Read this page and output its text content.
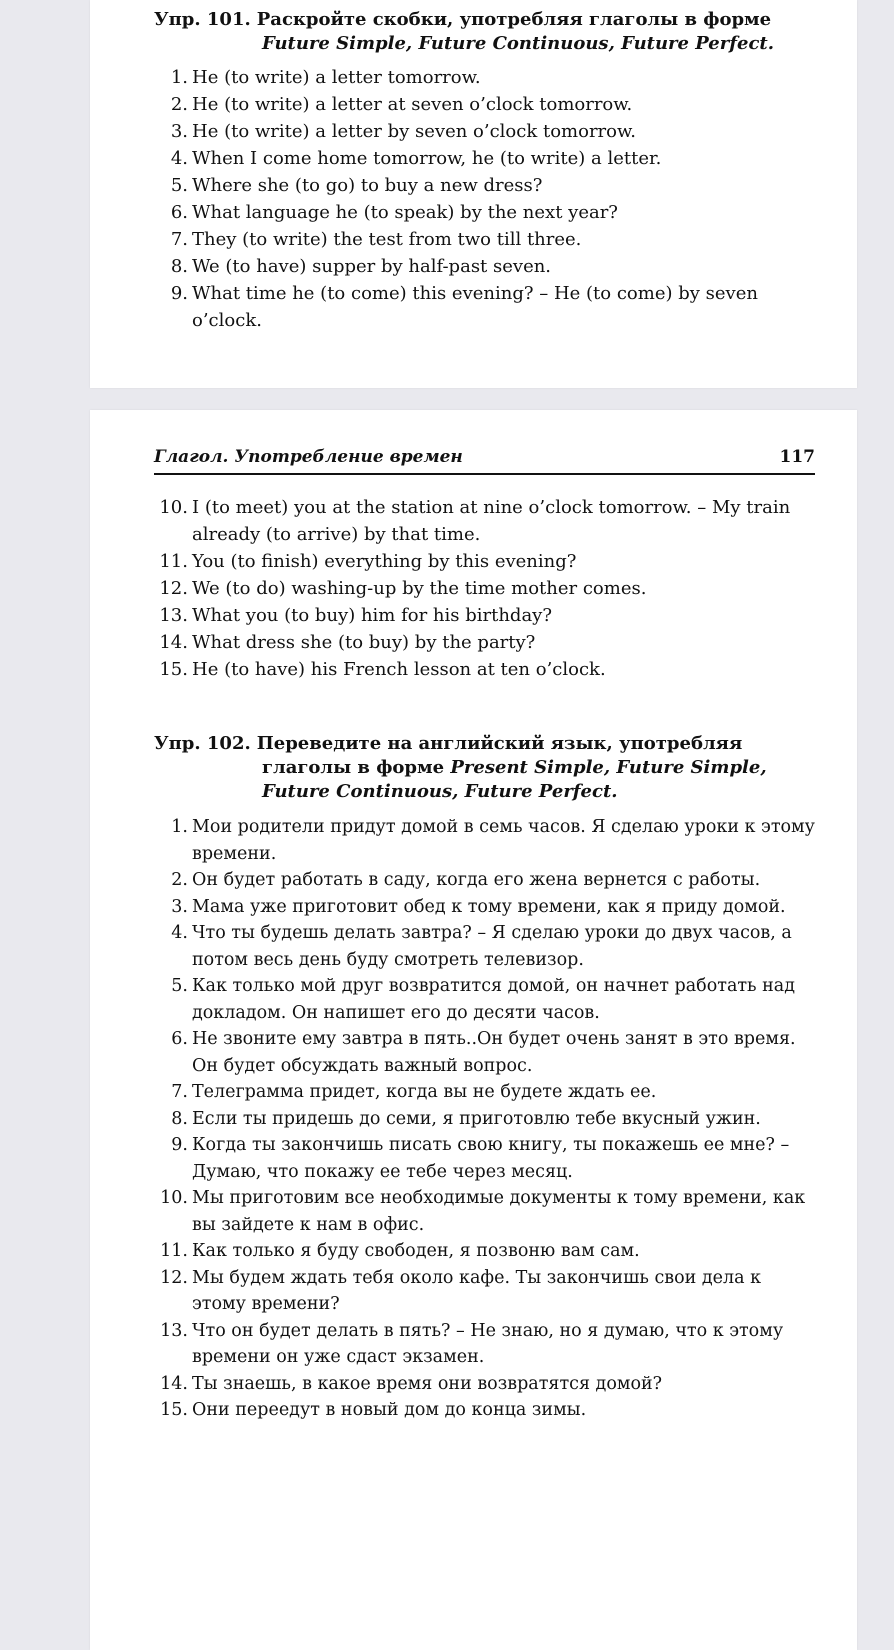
Упр. 101. Раскройте скобки, употребляя глаголы в форме
Future Simple, Future Continuous, Future Perfect.
1. He (to write) a letter tomorrow.
2. He (to write) a letter at seven o’clock tomorrow.
3. He (to write) a letter by seven o’clock tomorrow.
4. When I come home tomorrow, he (to write) a letter.
5. Where she (to go) to buy a new dress?
6. What language he (to speak) by the next year?
7. They (to write) the test from two till three.
8. We (to have) supper by half-past seven.
9. What time he (to come) this evening? – He (to come) by seven o’clock.
Глагол. Употребление времен	117
10. I (to meet) you at the station at nine o’clock tomorrow. – My train already (to arrive) by that time.
11. You (to finish) everything by this evening?
12. We (to do) washing-up by the time mother comes.
13. What you (to buy) him for his birthday?
14. What dress she (to buy) by the party?
15. He (to have) his French lesson at ten o’clock.
Упр. 102. Переведите на английский язык, употребляя
глаголы в форме Present Simple, Future Simple,
Future Continuous, Future Perfect.
1. Мои родители придут домой в семь часов. Я сделаю уроки к этому времени.
2. Он будет работать в саду, когда его жена вернется с работы.
3. Мама уже приготовит обед к тому времени, как я приду домой.
4. Что ты будешь делать завтра? – Я сделаю уроки до двух часов, а потом весь день буду смотреть телевизор.
5. Как только мой друг возвратится домой, он начнет работать над докладом. Он напишет его до десяти часов.
6. Не звоните ему завтра в пять..Он будет очень занят в это время. Он будет обсуждать важный вопрос.
7. Телеграмма придет, когда вы не будете ждать ее.
8. Если ты придешь до семи, я приготовлю тебе вкусный ужин.
9. Когда ты закончишь писать свою книгу, ты покажешь ее мне? – Думаю, что покажу ее тебе через месяц.
10. Мы приготовим все необходимые документы к тому времени, как вы зайдете к нам в офис.
11. Как только я буду свободен, я позвоню вам сам.
12. Мы будем ждать тебя около кафе. Ты закончишь свои дела к этому времени?
13. Что он будет делать в пять? – Не знаю, но я думаю, что к этому времени он уже сдаст экзамен.
14. Ты знаешь, в какое время они возвратятся домой?
15. Они переедут в новый дом до конца зимы.
